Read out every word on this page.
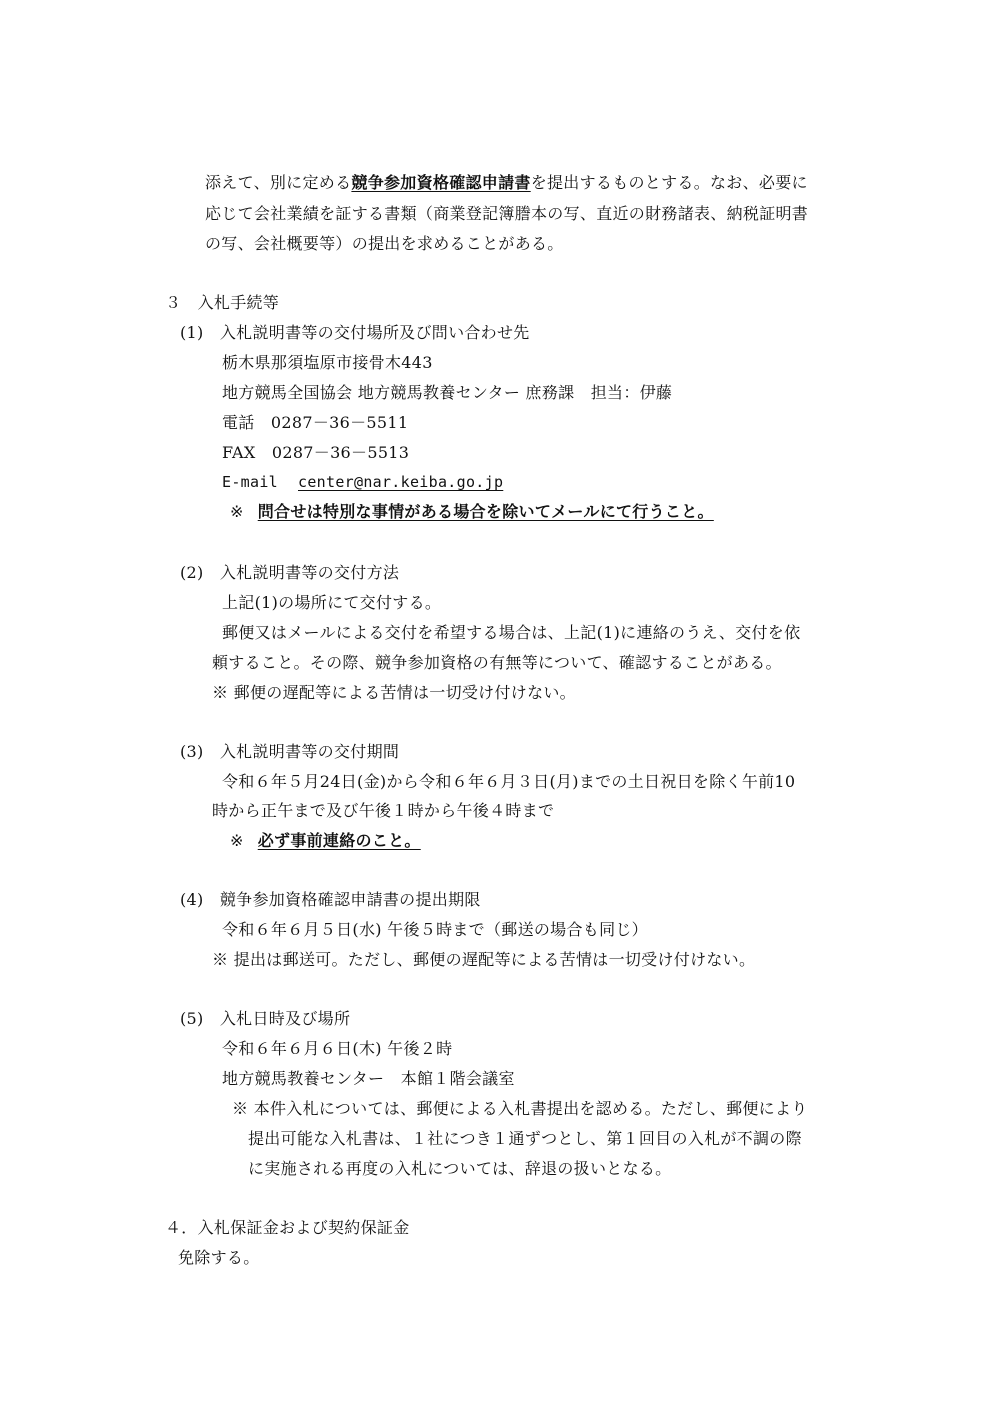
添えて、別に定める競争参加資格確認申請書を提出するものとする。なお、必要に
応じて会社業績を証する書類（商業登記簿謄本の写、直近の財務諸表、納税証明書
の写、会社概要等）の提出を求めることがある。
３　入札手続等
(1)　入札説明書等の交付場所及び問い合わせ先
栃木県那須塩原市接骨木443
地方競馬全国協会 地方競馬教養センター 庶務課　担当：伊藤
電話　0287－36－5511
FAX　0287－36－5513
E-mail center@nar.keiba.go.jp
※ 問合せは特別な事情がある場合を除いてメールにて行うこと。
(2)　入札説明書等の交付方法
上記(1)の場所にて交付する。
郵便又はメールによる交付を希望する場合は、上記(1)に連絡のうえ、交付を依
頼すること。その際、競争参加資格の有無等について、確認することがある。
※ 郵便の遅配等による苦情は一切受け付けない。
(3)　入札説明書等の交付期間
令和６年５月24日(金)から令和６年６月３日(月)までの土日祝日を除く午前10
時から正午まで及び午後１時から午後４時まで
※ 必ず事前連絡のこと。
(4)　競争参加資格確認申請書の提出期限
令和６年６月５日(水) 午後５時まで（郵送の場合も同じ）
※ 提出は郵送可。ただし、郵便の遅配等による苦情は一切受け付けない。
(5)　入札日時及び場所
令和６年６月６日(木) 午後２時
地方競馬教養センター　本館１階会議室
※ 本件入札については、郵便による入札書提出を認める。ただし、郵便により
提出可能な入札書は、１社につき１通ずつとし、第１回目の入札が不調の際
に実施される再度の入札については、辞退の扱いとなる。
４．入札保証金および契約保証金
免除する。
